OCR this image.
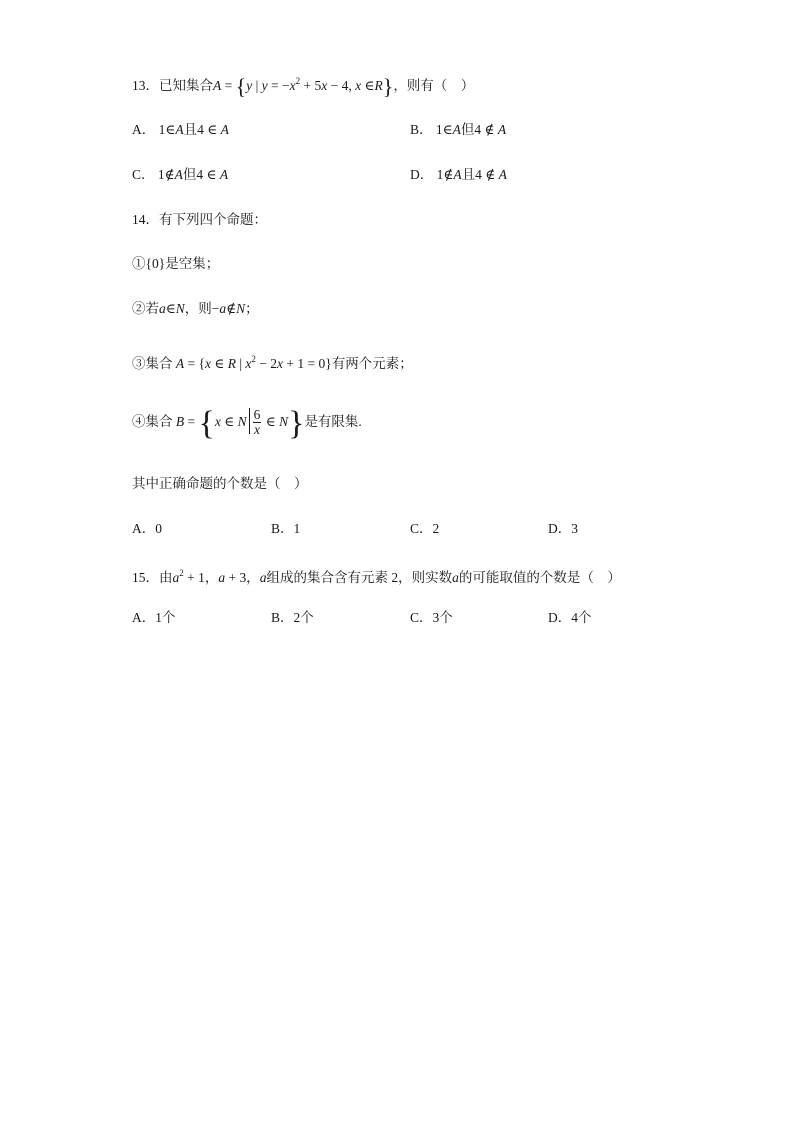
13．已知集合A = {y | $y = -x^2 + 5x - 4$, x ∈R}，则有（　）
A． 1∈A且4 ∈ A	B． 1∈A但4 ∉ A
C． 1∉A但4 ∈ A	D． 1∉A且4 ∉ A
14．有下列四个命题：
①{0}是空集；
②若a∈N，则−a∉N；
③集合 A = {x ∈ R | $x^2 - 2x + 1 = 0$}有两个元素；
④集合 B = {x ∈ N $\frac{6}{x}$ ∈ N}是有限集.
其中正确命题的个数是（　）
A．0	B．1	C．2	D．3
15．由$a^2 + 1$，a + 3，a组成的集合含有元素 2，则实数a的可能取值的个数是（　）
A．1个	B．2个	C．3个	D．4个
